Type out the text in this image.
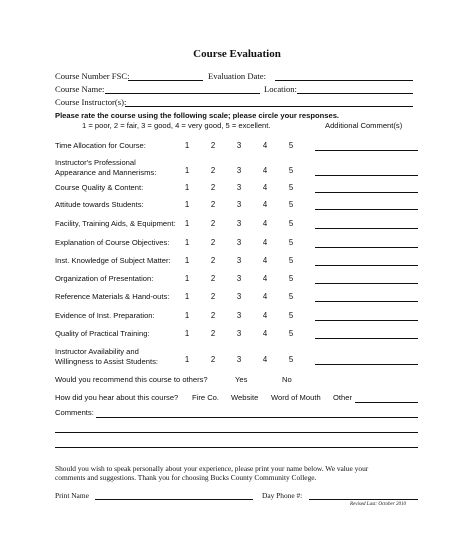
Course Evaluation
Course Number FSC:	Evaluation Date:
Course Name:	Location:
Course Instructor(s):
Please rate the course using the following scale; please circle your responses.
1 = poor, 2 = fair, 3 = good, 4 = very good, 5 = excellent.	Additional Comment(s)
Time Allocation for Course:	1	2	3	4	5
Instructor's Professional
Appearance and Mannerisms:	1	2	3	4	5
Course Quality & Content:	1	2	3	4	5
Attitude towards Students:	1	2	3	4	5
Facility, Training Aids, & Equipment:	1	2	3	4	5
Explanation of Course Objectives:	1	2	3	4	5
Inst. Knowledge of Subject Matter:	1	2	3	4	5
Organization of Presentation:	1	2	3	4	5
Reference Materials & Hand-outs:	1	2	3	4	5
Evidence of Inst. Preparation:	1	2	3	4	5
Quality of Practical Training:	1	2	3	4	5
Instructor Availability and
Willingness to Assist Students:	1	2	3	4	5
Would you recommend this course to others?	Yes	No
How did you hear about this course? Fire Co. Website Word of Mouth Other
Comments:
Should you wish to speak personally about your experience, please print your name below. We value your
comments and suggestions. Thank you for choosing Bucks County Community College.
Print Name	Day Phone #:
Revised Last: October 2010
